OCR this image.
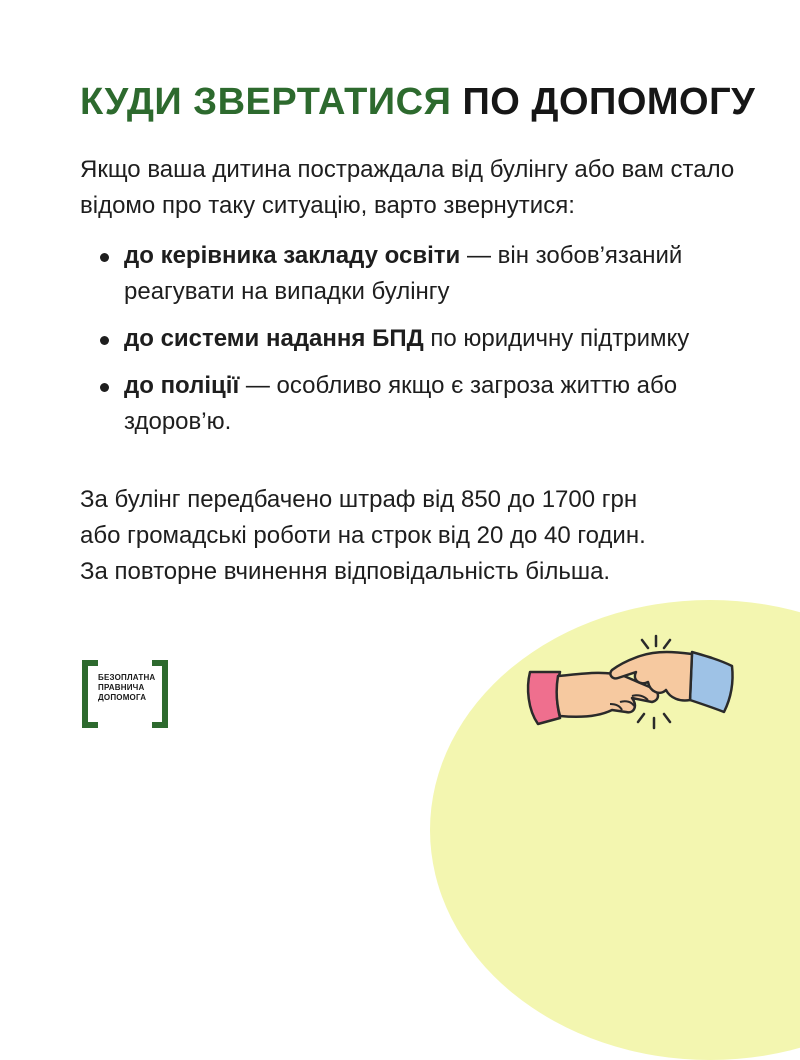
КУДИ ЗВЕРТАТИСЯ ПО ДОПОМОГУ

Якщо ваша дитина постраждала від булінгу або вам стало відомо про таку ситуацію, варто звернутися:

до керівника закладу освіти — він зобов’язаний реагувати на випадки булінгу
до системи надання БПД по юридичну підтримку
до поліції — особливо якщо є загроза життю або здоров’ю.

За булінг передбачено штраф від 850 до 1700 грн
або громадські роботи на строк від 20 до 40 годин.
За повторне вчинення відповідальність більша.

БЕЗОПЛАТНА
ПРАВНИЧА
ДОПОМОГА
